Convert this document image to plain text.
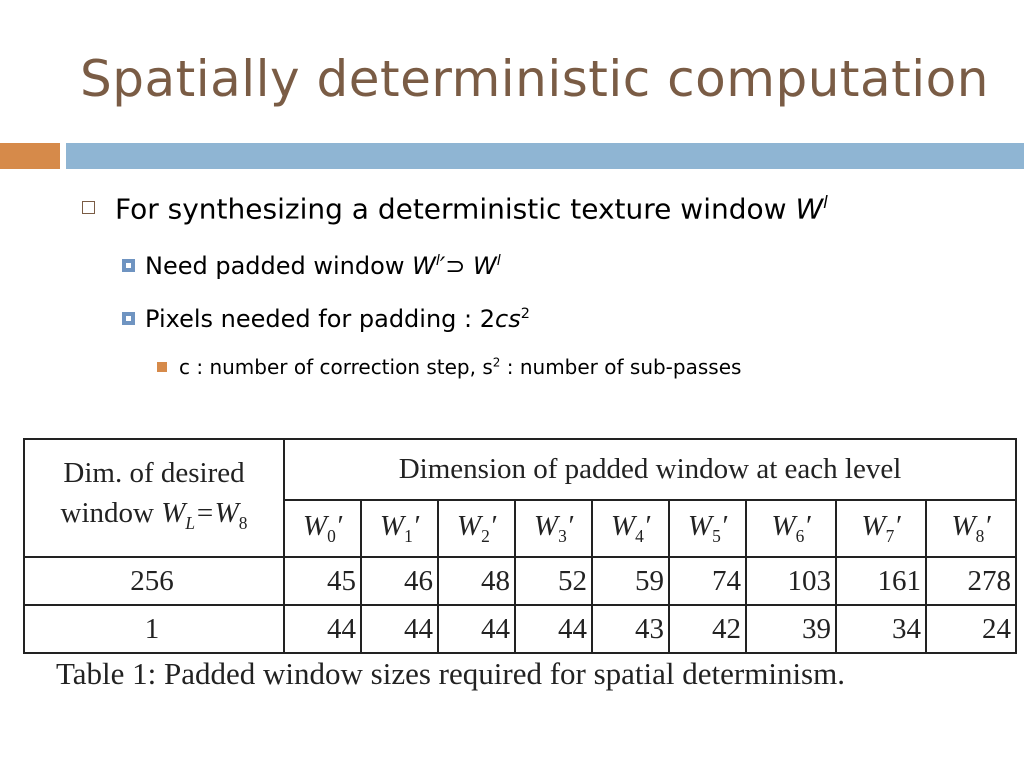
Spatially deterministic computation
For synthesizing a deterministic texture window $W^l$
Need padded window $W^l'⊃$ $W^l$
Pixels needed for padding : $2cs^2$
c : number of correction step, $s^2$ : number of sub-passes
Dim. of desired
window $W_L=W_8$	Dimension of padded window at each level								
	$W_0'$	$W_1'$	$W_2'$	$W_3'$	$W_4'$	$W_5'$	$W_6'$	$W_7'$	$W_8'$
256	45	46	48	52	59	74	103	161	278
1	44	44	44	44	43	42	39	34	24
Table 1: Padded window sizes required for spatial determinism.
